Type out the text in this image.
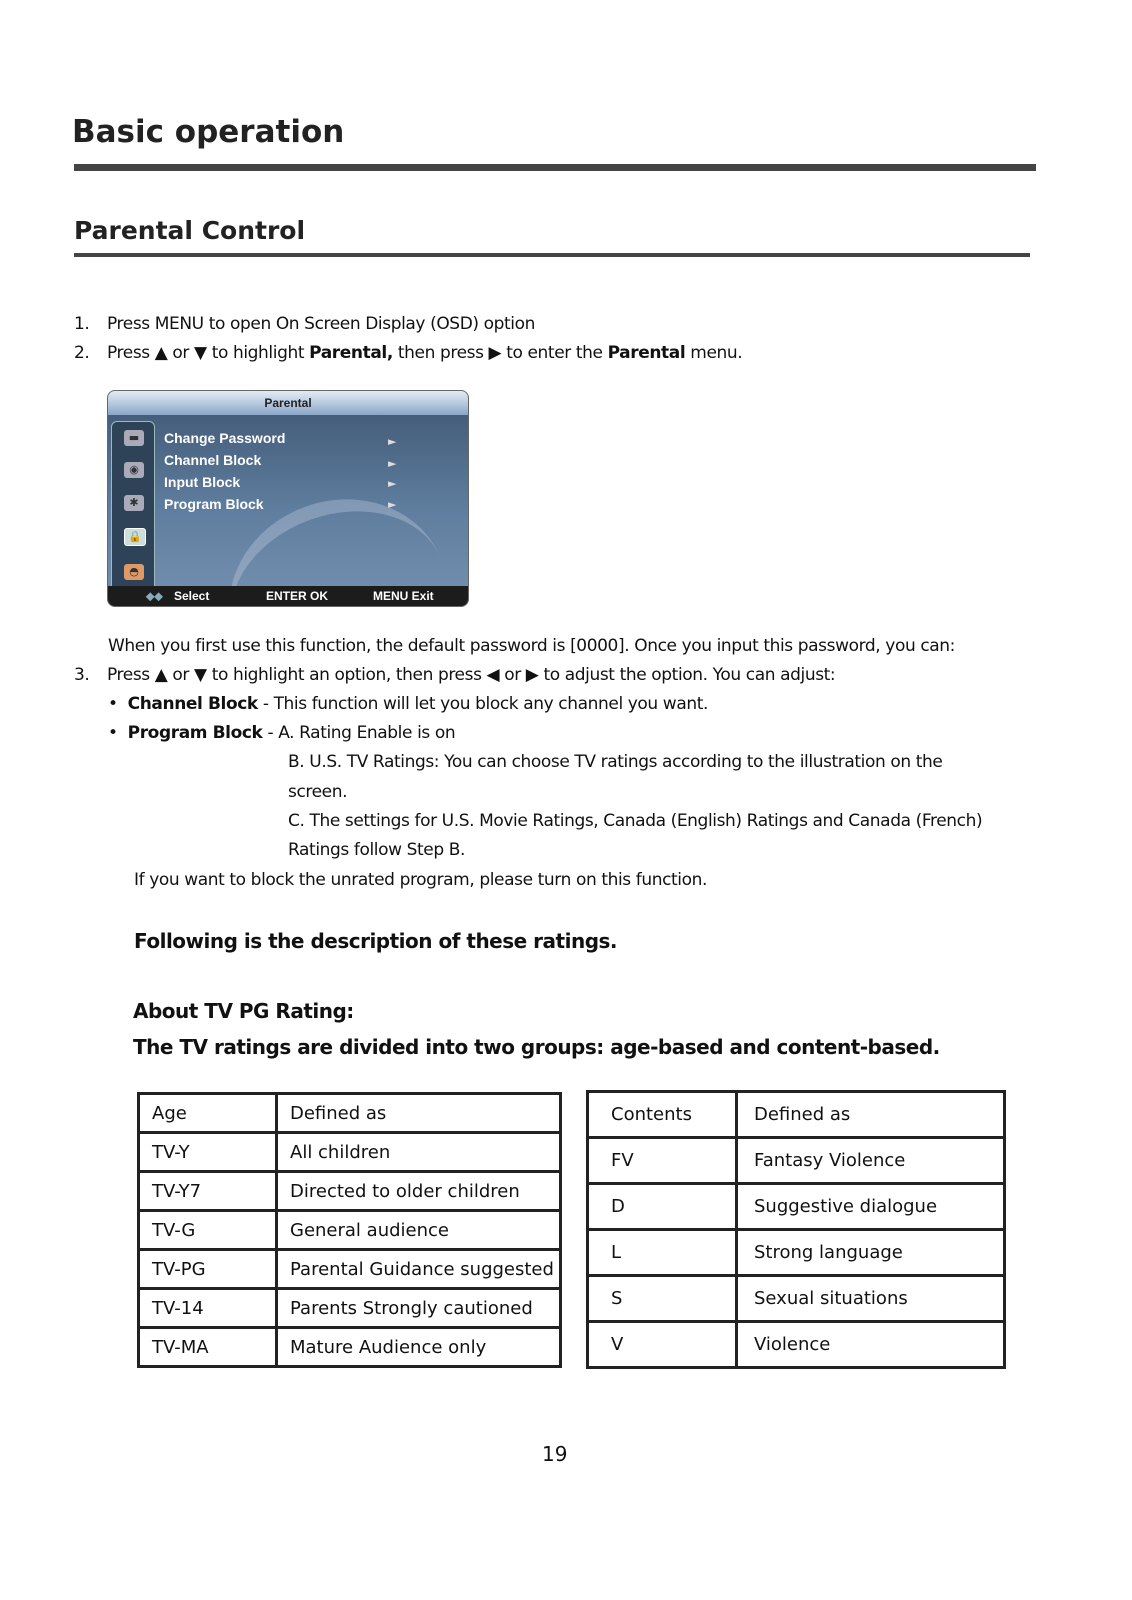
Basic operation
Parental Control
1. Press MENU to open On Screen Display (OSD) option
2. Press ▲ or ▼ to highlight Parental, then press ▶ to enter the Parental menu.
Parental
▬
◉
✱
🔒
◓
Change Password
Channel Block
Input Block
Program Block
►
►
►
►
⬥⬥ Select	ENTER OK	MENU Exit
When you first use this function, the default password is [0000]. Once you input this password, you can:
3. Press ▲ or ▼ to highlight an option, then press ◀ or ▶ to adjust the option. You can adjust:
•  Channel Block - This function will let you block any channel you want.
•  Program Block - A. Rating Enable is on
B. U.S. TV Ratings: You can choose TV ratings according to the illustration on the
screen.
C. The settings for U.S. Movie Ratings, Canada (English) Ratings and Canada (French)
Ratings follow Step B.
If you want to block the unrated program, please turn on this function.
Following is the description of these ratings.
About TV PG Rating:
The TV ratings are divided into two groups: age-based and content-based.
Age	Defined as
TV-Y	All children
TV-Y7	Directed to older children
TV-G	General audience
TV-PG	Parental Guidance suggested
TV-14	Parents Strongly cautioned
TV-MA	Mature Audience only
Contents	Defined as
FV	Fantasy Violence
D	Suggestive dialogue
L	Strong language
S	Sexual situations
V	Violence
19
